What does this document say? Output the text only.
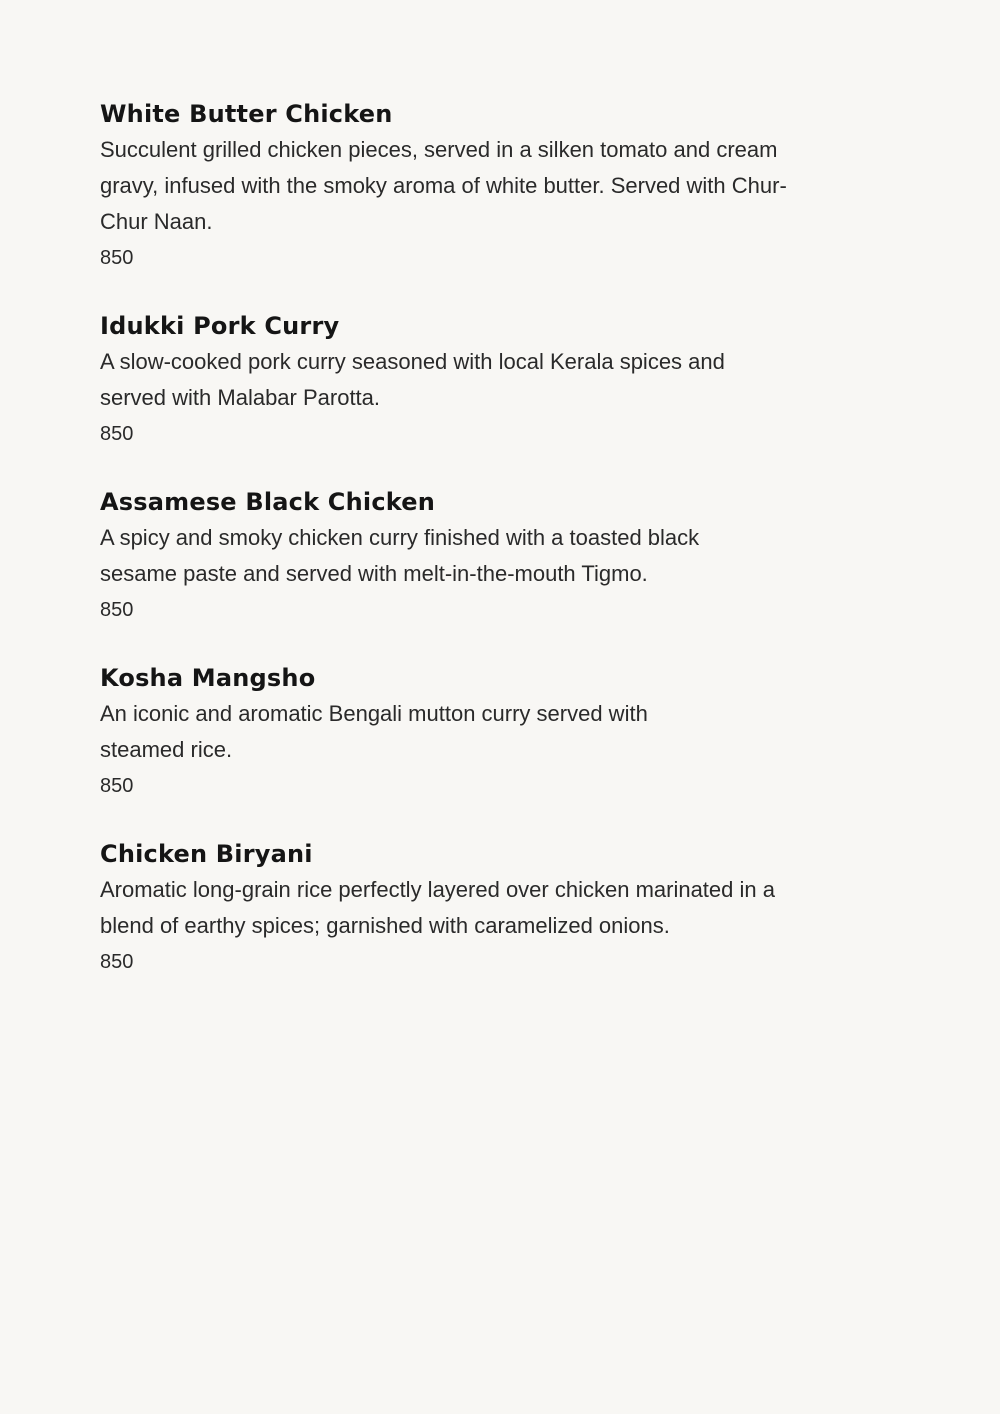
White Butter Chicken
Succulent grilled chicken pieces, served in a silken tomato and cream gravy, infused with the smoky aroma of white butter. Served with Chur-Chur Naan.
850
Idukki Pork Curry
A slow-cooked pork curry seasoned with local Kerala spices and served with Malabar Parotta.
850
Assamese Black Chicken
A spicy and smoky chicken curry finished with a toasted black sesame paste and served with melt-in-the-mouth Tigmo.
850
Kosha Mangsho
An iconic and aromatic Bengali mutton curry served with steamed rice.
850
Chicken Biryani
Aromatic long-grain rice perfectly layered over chicken marinated in a blend of earthy spices; garnished with caramelized onions.
850
